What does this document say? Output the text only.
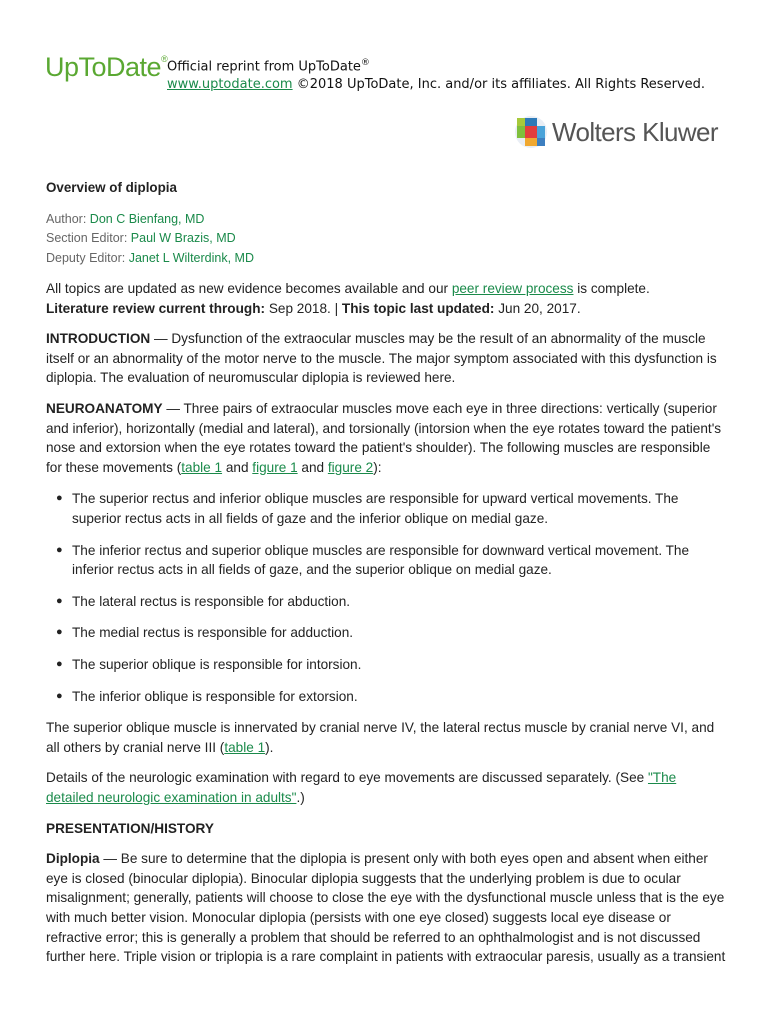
UpToDate®
Official reprint from UpToDate®
www.uptodate.com ©2018 UpToDate, Inc. and/or its affiliates. All Rights Reserved.
Wolters Kluwer
Overview of diplopia
Author: Don C Bienfang, MD
Section Editor: Paul W Brazis, MD
Deputy Editor: Janet L Wilterdink, MD

All topics are updated as new evidence becomes available and our peer review process is complete.
Literature review current through: Sep 2018. | This topic last updated: Jun 20, 2017.

INTRODUCTION — Dysfunction of the extraocular muscles may be the result of an abnormality of the muscle itself or an abnormality of the motor nerve to the muscle. The major symptom associated with this dysfunction is diplopia. The evaluation of neuromuscular diplopia is reviewed here.

NEUROANATOMY — Three pairs of extraocular muscles move each eye in three directions: vertically (superior and inferior), horizontally (medial and lateral), and torsionally (intorsion when the eye rotates toward the patient's nose and extorsion when the eye rotates toward the patient's shoulder). The following muscles are responsible for these movements (table 1 and figure 1 and figure 2):

● The superior rectus and inferior oblique muscles are responsible for upward vertical movements. The superior rectus acts in all fields of gaze and the inferior oblique on medial gaze.
● The inferior rectus and superior oblique muscles are responsible for downward vertical movement. The inferior rectus acts in all fields of gaze, and the superior oblique on medial gaze.
● The lateral rectus is responsible for abduction.
● The medial rectus is responsible for adduction.
● The superior oblique is responsible for intorsion.
● The inferior oblique is responsible for extorsion.

The superior oblique muscle is innervated by cranial nerve IV, the lateral rectus muscle by cranial nerve VI, and all others by cranial nerve III (table 1).

Details of the neurologic examination with regard to eye movements are discussed separately. (See "The detailed neurologic examination in adults".)

PRESENTATION/HISTORY

Diplopia — Be sure to determine that the diplopia is present only with both eyes open and absent when either eye is closed (binocular diplopia). Binocular diplopia suggests that the underlying problem is due to ocular misalignment; generally, patients will choose to close the eye with the dysfunctional muscle unless that is the eye with much better vision. Monocular diplopia (persists with one eye closed) suggests local eye disease or refractive error; this is generally a problem that should be referred to an ophthalmologist and is not discussed further here. Triple vision or triplopia is a rare complaint in patients with extraocular paresis, usually as a transient
